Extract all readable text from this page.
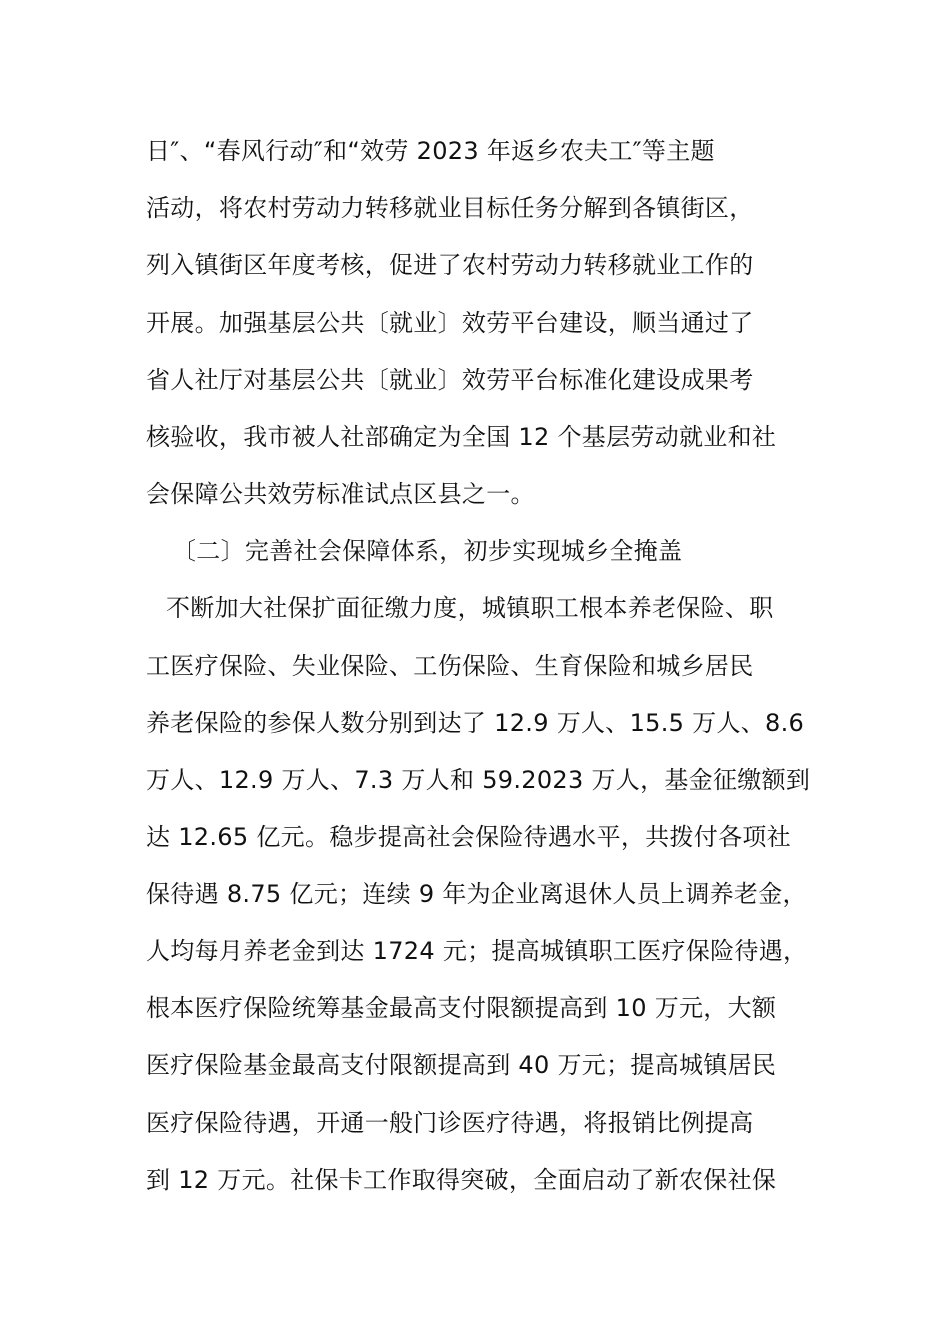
日″、“春风行动″和“效劳 2023 年返乡农夫工″等主题
活动，将农村劳动力转移就业目标任务分解到各镇街区，
列入镇街区年度考核，促进了农村劳动力转移就业工作的
开展。加强基层公共〔就业〕效劳平台建设，顺当通过了
省人社厅对基层公共〔就业〕效劳平台标准化建设成果考
核验收，我市被人社部确定为全国 12 个基层劳动就业和社
会保障公共效劳标准试点区县之一。
〔二〕完善社会保障体系，初步实现城乡全掩盖
不断加大社保扩面征缴力度，城镇职工根本养老保险、职
工医疗保险、失业保险、工伤保险、生育保险和城乡居民
养老保险的参保人数分别到达了 12.9 万人、15.5 万人、8.6
万人、12.9 万人、7.3 万人和 59.2023 万人，基金征缴额到
达 12.65 亿元。稳步提高社会保险待遇水平，共拨付各项社
保待遇 8.75 亿元；连续 9 年为企业离退休人员上调养老金，
人均每月养老金到达 1724 元；提高城镇职工医疗保险待遇，
根本医疗保险统筹基金最高支付限额提高到 10 万元，大额
医疗保险基金最高支付限额提高到 40 万元；提高城镇居民
医疗保险待遇，开通一般门诊医疗待遇，将报销比例提高
到 12 万元。社保卡工作取得突破，全面启动了新农保社保
